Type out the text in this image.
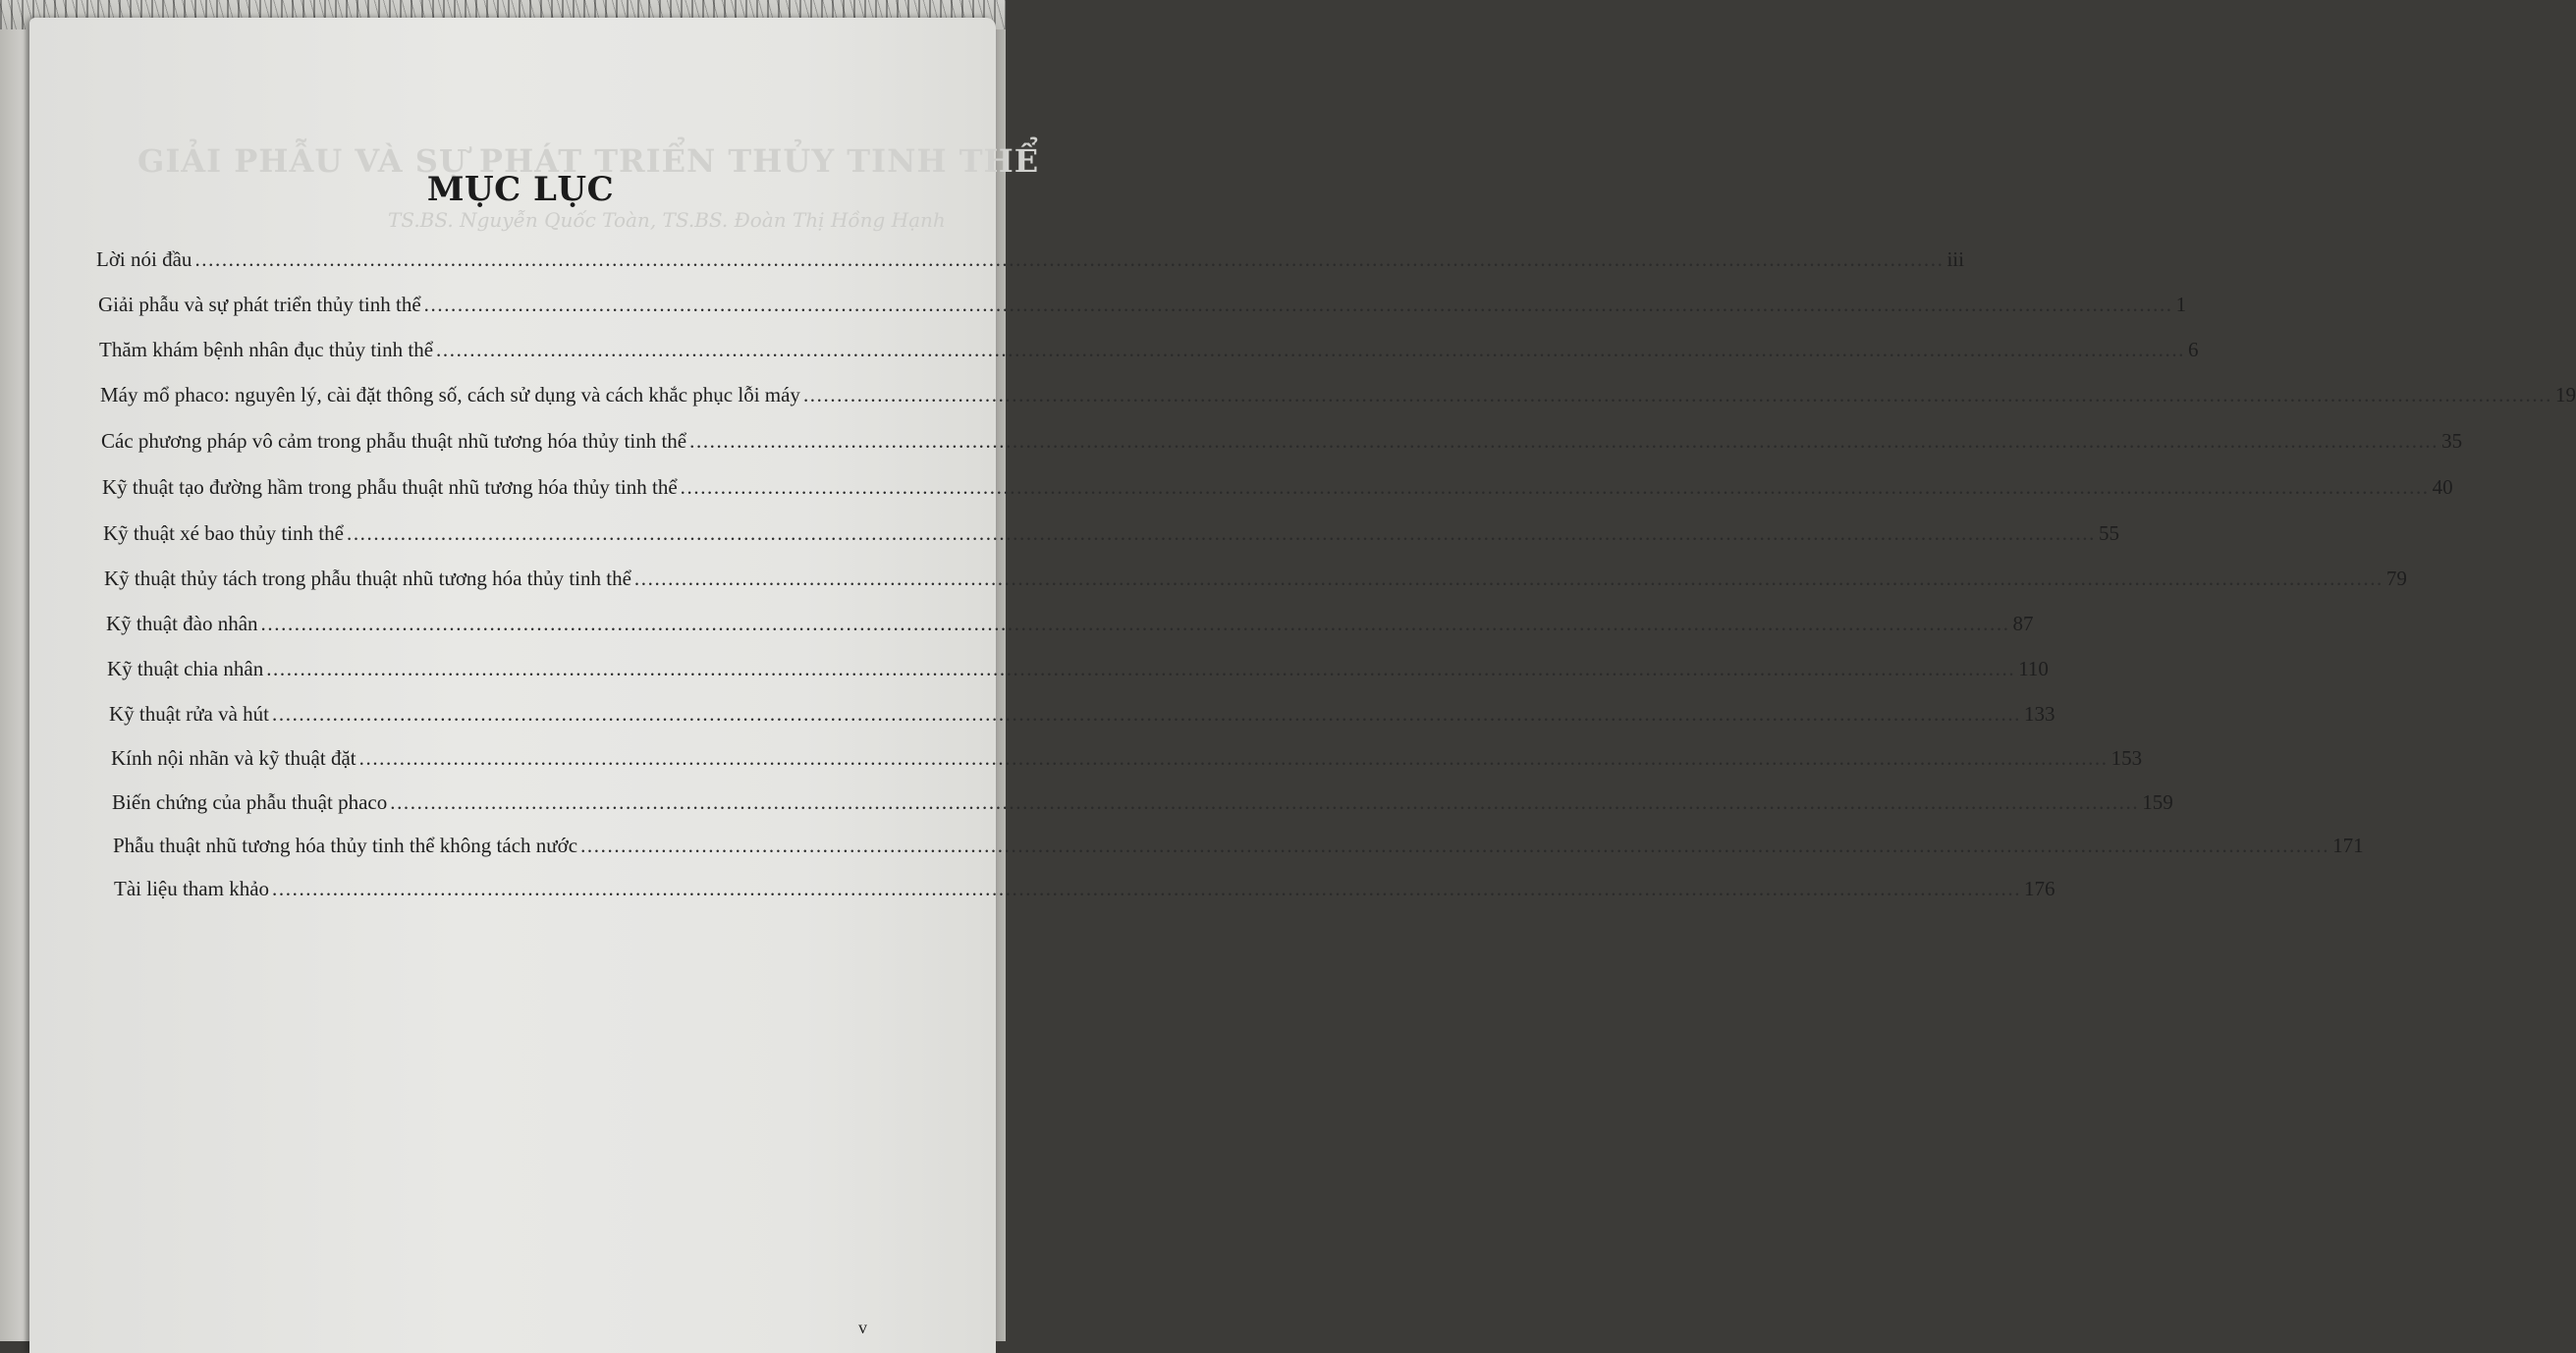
GIẢI PHẪU VÀ SỰ PHÁT TRIỂN THỦY TINH THỂ
TS.BS. Nguyễn Quốc Toàn, TS.BS. Đoàn Thị Hồng Hạnh
MỤC LỤC
Lời nói đầu .................................................................................................................................................................................................................................................................... iii
Giải phẫu và sự phát triển thủy tinh thể .................................................................................................................................................................................................................................................................... 1
Thăm khám bệnh nhân đục thủy tinh thể .................................................................................................................................................................................................................................................................... 6
Máy mổ phaco: nguyên lý, cài đặt thông số, cách sử dụng và cách khắc phục lỗi máy .................................................................................................................................................................................................................................................................... 19
Các phương pháp vô cảm trong phẫu thuật nhũ tương hóa thủy tinh thể .................................................................................................................................................................................................................................................................... 35
Kỹ thuật tạo đường hầm trong phẫu thuật nhũ tương hóa thủy tinh thể .................................................................................................................................................................................................................................................................... 40
Kỹ thuật xé bao thủy tinh thể .................................................................................................................................................................................................................................................................... 55
Kỹ thuật thủy tách trong phẫu thuật nhũ tương hóa thủy tinh thể .................................................................................................................................................................................................................................................................... 79
Kỹ thuật đào nhân .................................................................................................................................................................................................................................................................... 87
Kỹ thuật chia nhân .................................................................................................................................................................................................................................................................... 110
Kỹ thuật rửa và hút .................................................................................................................................................................................................................................................................... 133
Kính nội nhãn và kỹ thuật đặt .................................................................................................................................................................................................................................................................... 153
Biến chứng của phẫu thuật phaco .................................................................................................................................................................................................................................................................... 159
Phẫu thuật nhũ tương hóa thủy tinh thể không tách nước .................................................................................................................................................................................................................................................................... 171
Tài liệu tham khảo .................................................................................................................................................................................................................................................................... 176
v
